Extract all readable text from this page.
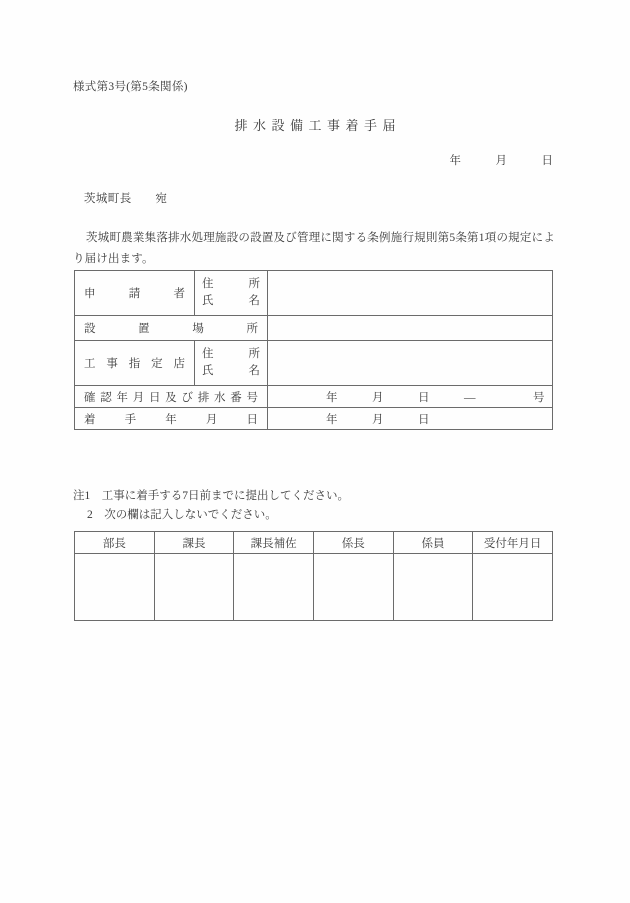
様式第3号(第5条関係)
排水設備工事着手届
年　　　月　　　日
茨城町長　　宛
茨城町農業集落排水処理施設の設置及び管理に関する条例施行規則第5条第1項の規定により届け出ます。
申請者	住所
氏名	

設置場所		
工事指定店	住所
氏名	

確認年月日及び排水番号		年　　　月　　　日　　　—　　　　　号
着手年月日		年　　　月　　　日
注1　工事に着手する7日前までに提出してください。
2　次の欄は記入しないでください。
部長	課長	課長補佐	係長	係員	受付年月日
